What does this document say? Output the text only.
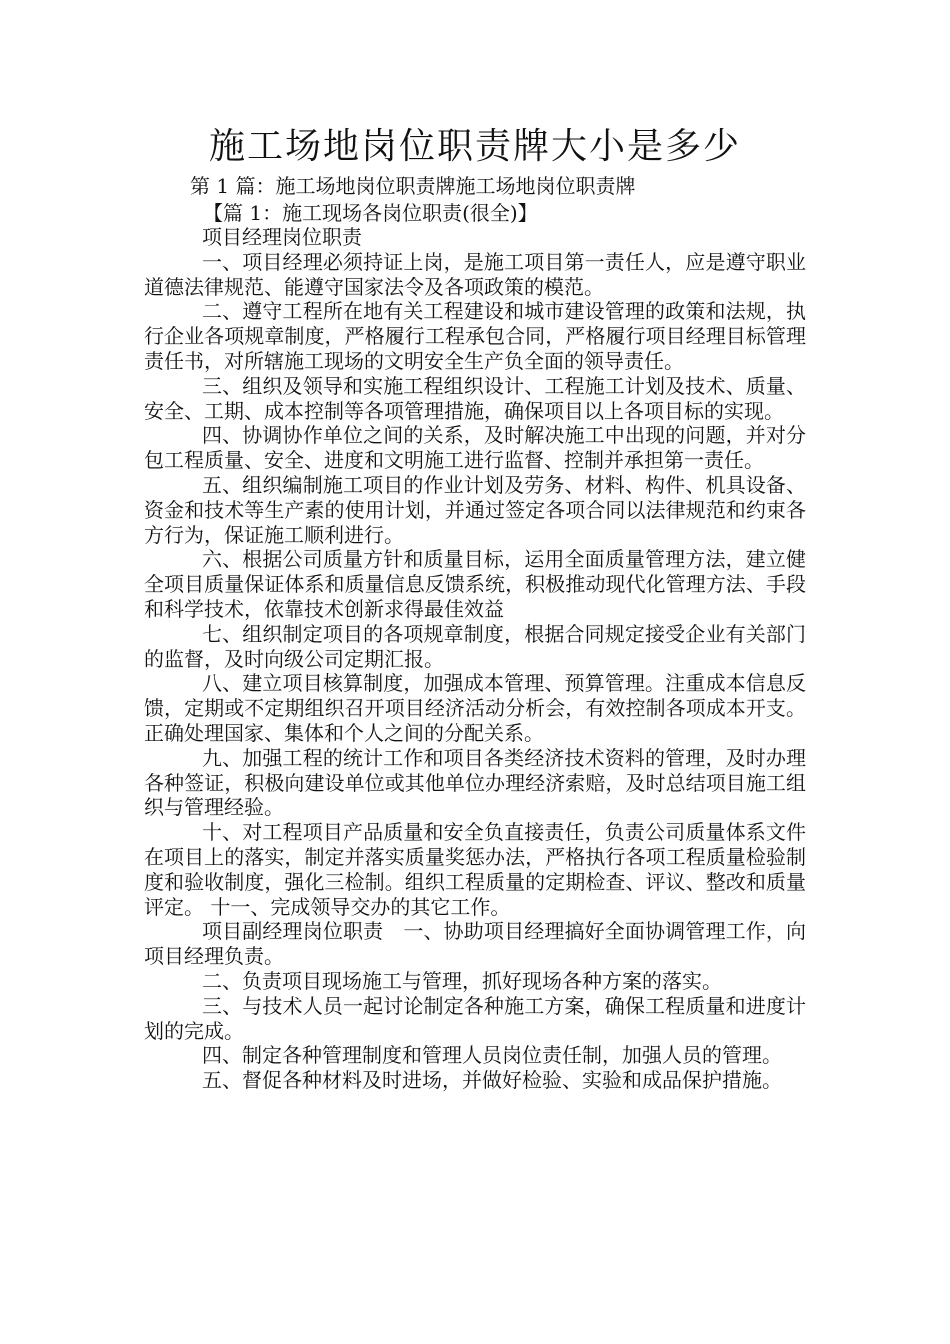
施工场地岗位职责牌大小是多少
第 1 篇：施工场地岗位职责牌施工场地岗位职责牌
【篇 1：施工现场各岗位职责(很全)】

项目经理岗位职责

一、项目经理必须持证上岗，是施工项目第一责任人，应是遵守职业道德法律规范、能遵守国家法令及各项政策的模范。

二、遵守工程所在地有关工程建设和城市建设管理的政策和法规，执行企业各项规章制度，严格履行工程承包合同，严格履行项目经理目标管理责任书，对所辖施工现场的文明安全生产负全面的领导责任。

三、组织及领导和实施工程组织设计、工程施工计划及技术、质量、安全、工期、成本控制等各项管理措施，确保项目以上各项目标的实现。

四、协调协作单位之间的关系，及时解决施工中出现的问题，并对分包工程质量、安全、进度和文明施工进行监督、控制并承担第一责任。

五、组织编制施工项目的作业计划及劳务、材料、构件、机具设备、资金和技术等生产素的使用计划，并通过签定各项合同以法律规范和约束各方行为，保证施工顺利进行。

六、根据公司质量方针和质量目标，运用全面质量管理方法，建立健全项目质量保证体系和质量信息反馈系统，积极推动现代化管理方法、手段和科学技术，依靠技术创新求得最佳效益

七、组织制定项目的各项规章制度，根据合同规定接受企业有关部门的监督，及时向级公司定期汇报。

八、建立项目核算制度，加强成本管理、预算管理。注重成本信息反馈，定期或不定期组织召开项目经济活动分析会，有效控制各项成本开支。正确处理国家、集体和个人之间的分配关系。

九、加强工程的统计工作和项目各类经济技术资料的管理，及时办理各种签证，积极向建设单位或其他单位办理经济索赔，及时总结项目施工组织与管理经验。

十、对工程项目产品质量和安全负直接责任，负责公司质量体系文件在项目上的落实，制定并落实质量奖惩办法，严格执行各项工程质量检验制度和验收制度，强化三检制。组织工程质量的定期检查、评议、整改和质量评定。 十一、完成领导交办的其它工作。

项目副经理岗位职责　一、协助项目经理搞好全面协调管理工作，向项目经理负责。

二、负责项目现场施工与管理，抓好现场各种方案的落实。

三、与技术人员一起讨论制定各种施工方案，确保工程质量和进度计划的完成。

四、制定各种管理制度和管理人员岗位责任制，加强人员的管理。

五、督促各种材料及时进场，并做好检验、实验和成品保护措施。
